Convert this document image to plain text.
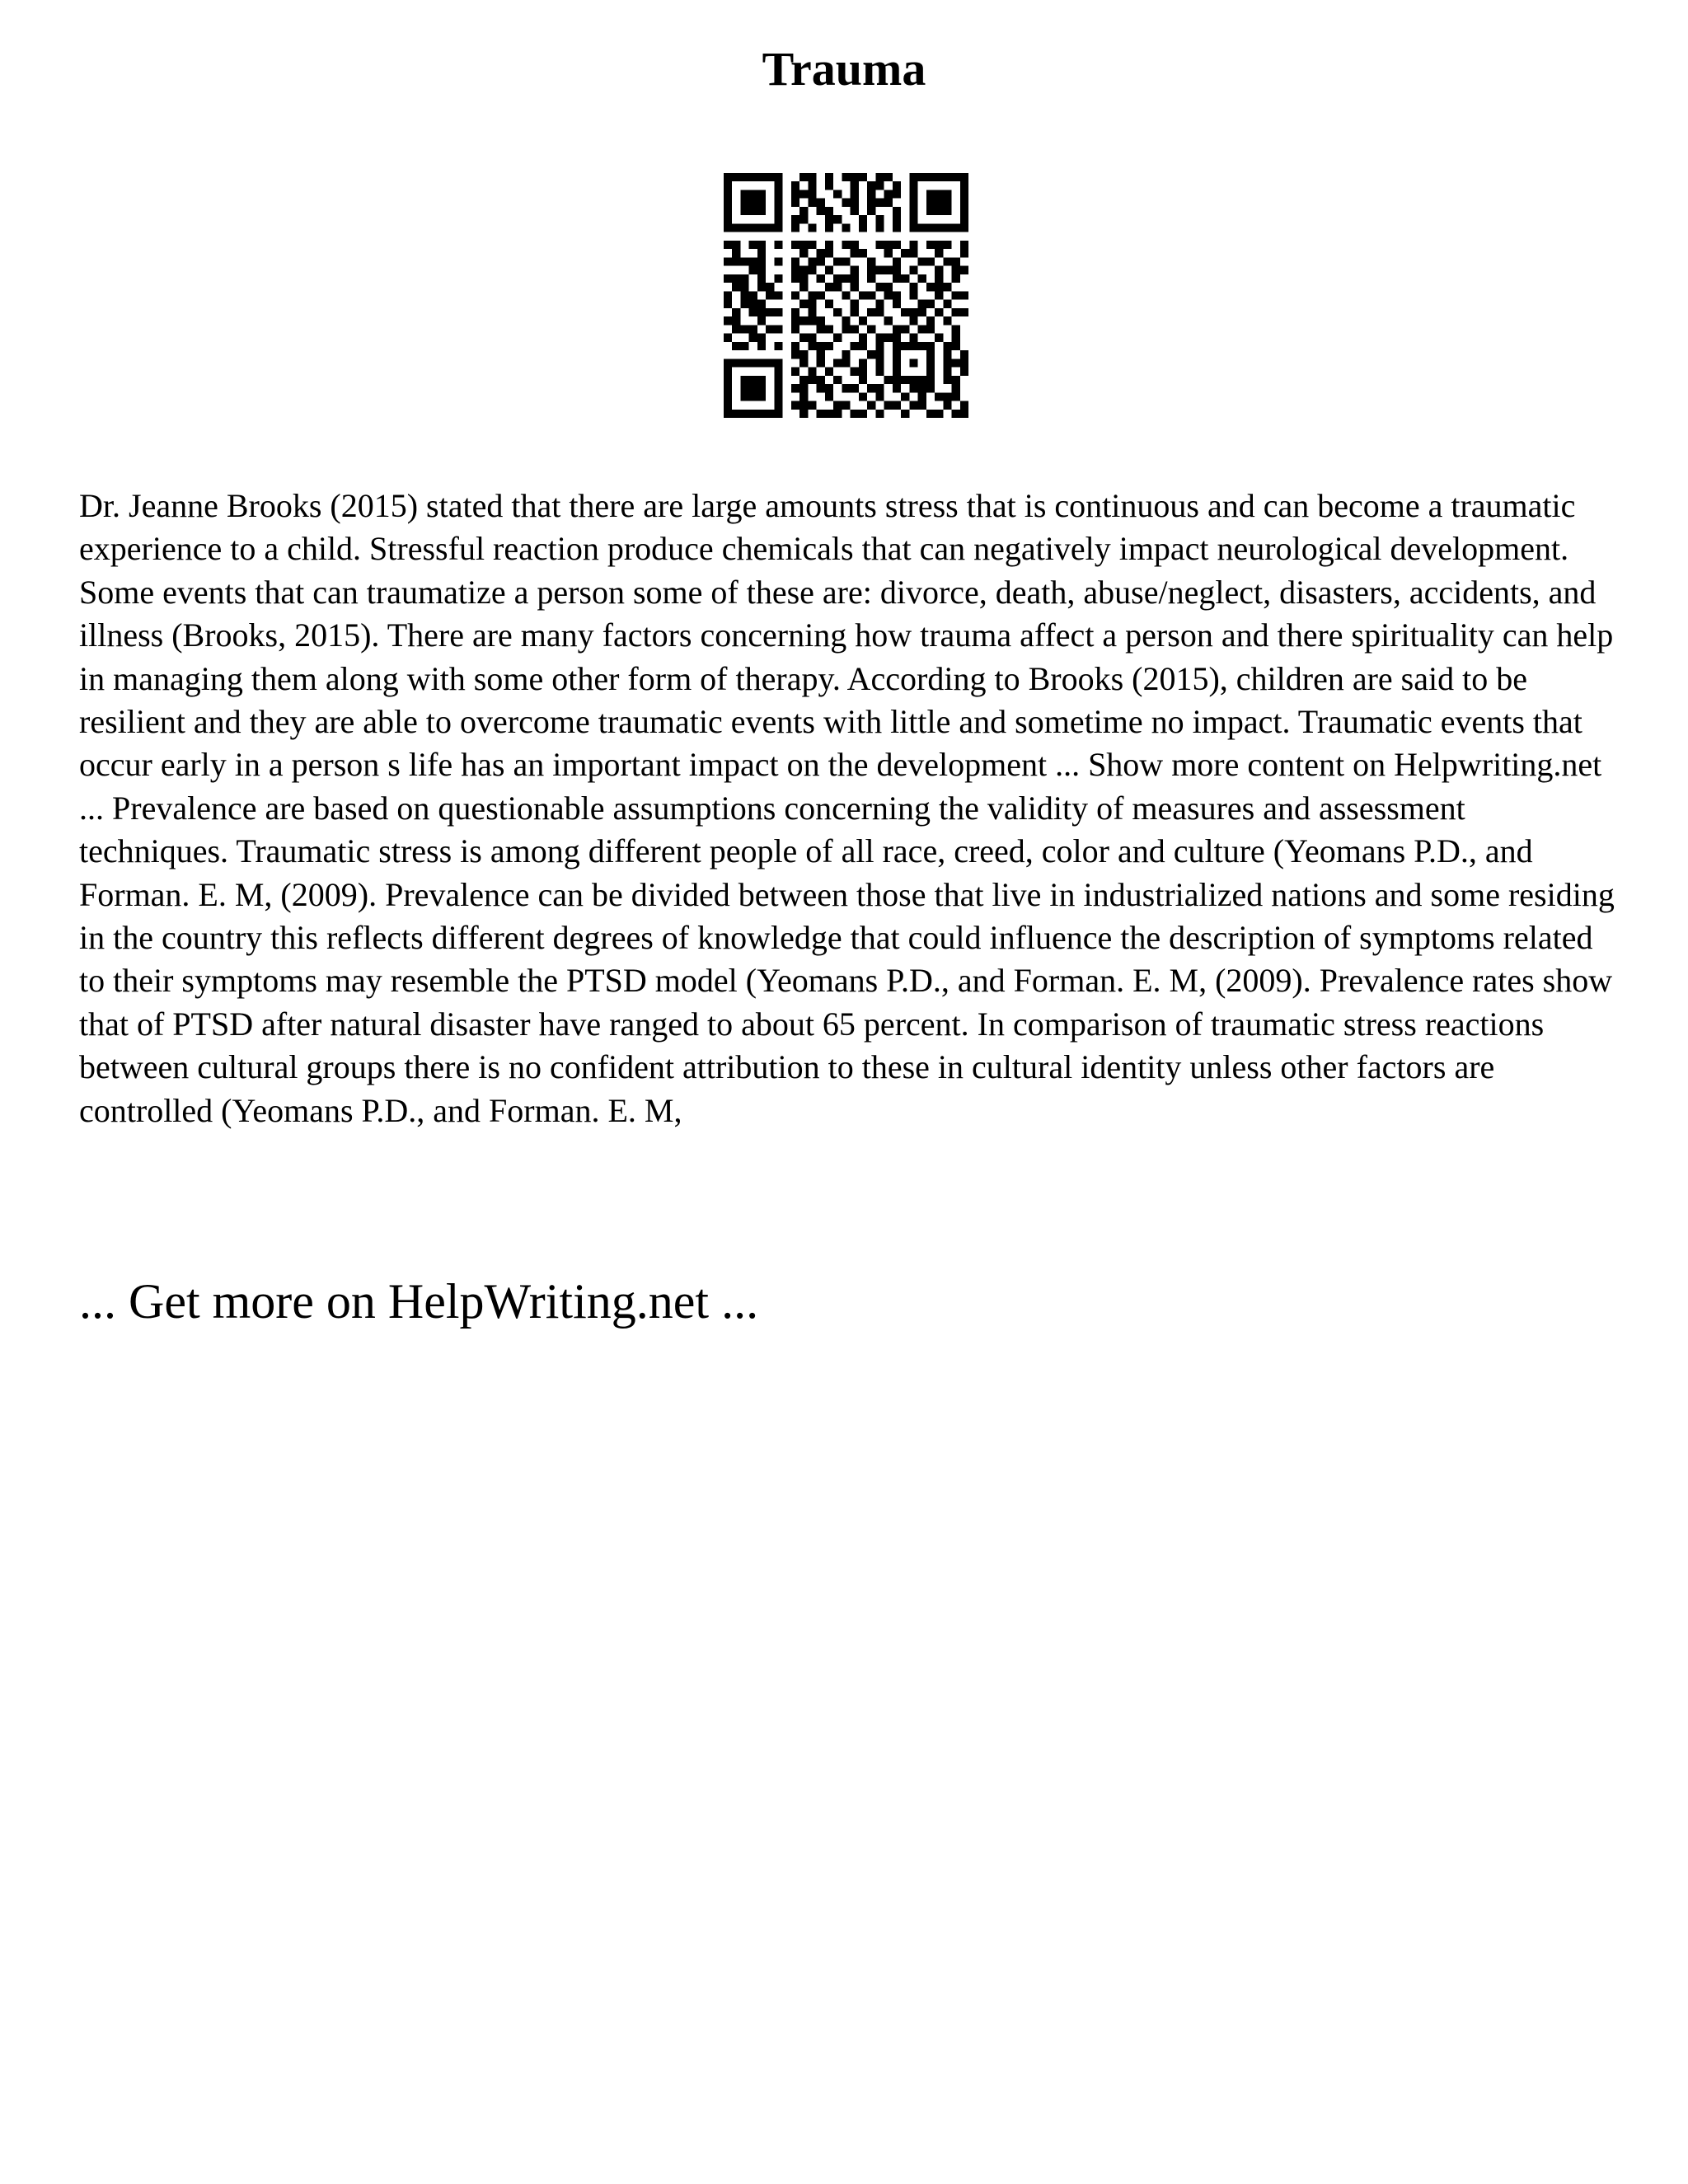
Trauma

Dr. Jeanne Brooks (2015) stated that there are large amounts stress that is continuous and can become a traumatic experience to a child. Stressful reaction produce chemicals that can negatively impact neurological development. Some events that can traumatize a person some of these are: divorce, death, abuse/neglect, disasters, accidents, and illness (Brooks, 2015). There are many factors concerning how trauma affect a person and there spirituality can help in managing them along with some other form of therapy. According to Brooks (2015), children are said to be resilient and they are able to overcome traumatic events with little and sometime no impact. Traumatic events that occur early in a person s life has an important impact on the development ... Show more content on Helpwriting.net ... Prevalence are based on questionable assumptions concerning the validity of measures and assessment techniques. Traumatic stress is among different people of all race, creed, color and culture (Yeomans P.D., and Forman. E. M, (2009). Prevalence can be divided between those that live in industrialized nations and some residing in the country this reflects different degrees of knowledge that could influence the description of symptoms related to their symptoms may resemble the PTSD model (Yeomans P.D., and Forman. E. M, (2009). Prevalence rates show that of PTSD after natural disaster have ranged to about 65 percent. In comparison of traumatic stress reactions between cultural groups there is no confident attribution to these in cultural identity unless other factors are controlled (Yeomans P.D., and Forman. E. M,

... Get more on HelpWriting.net ...
